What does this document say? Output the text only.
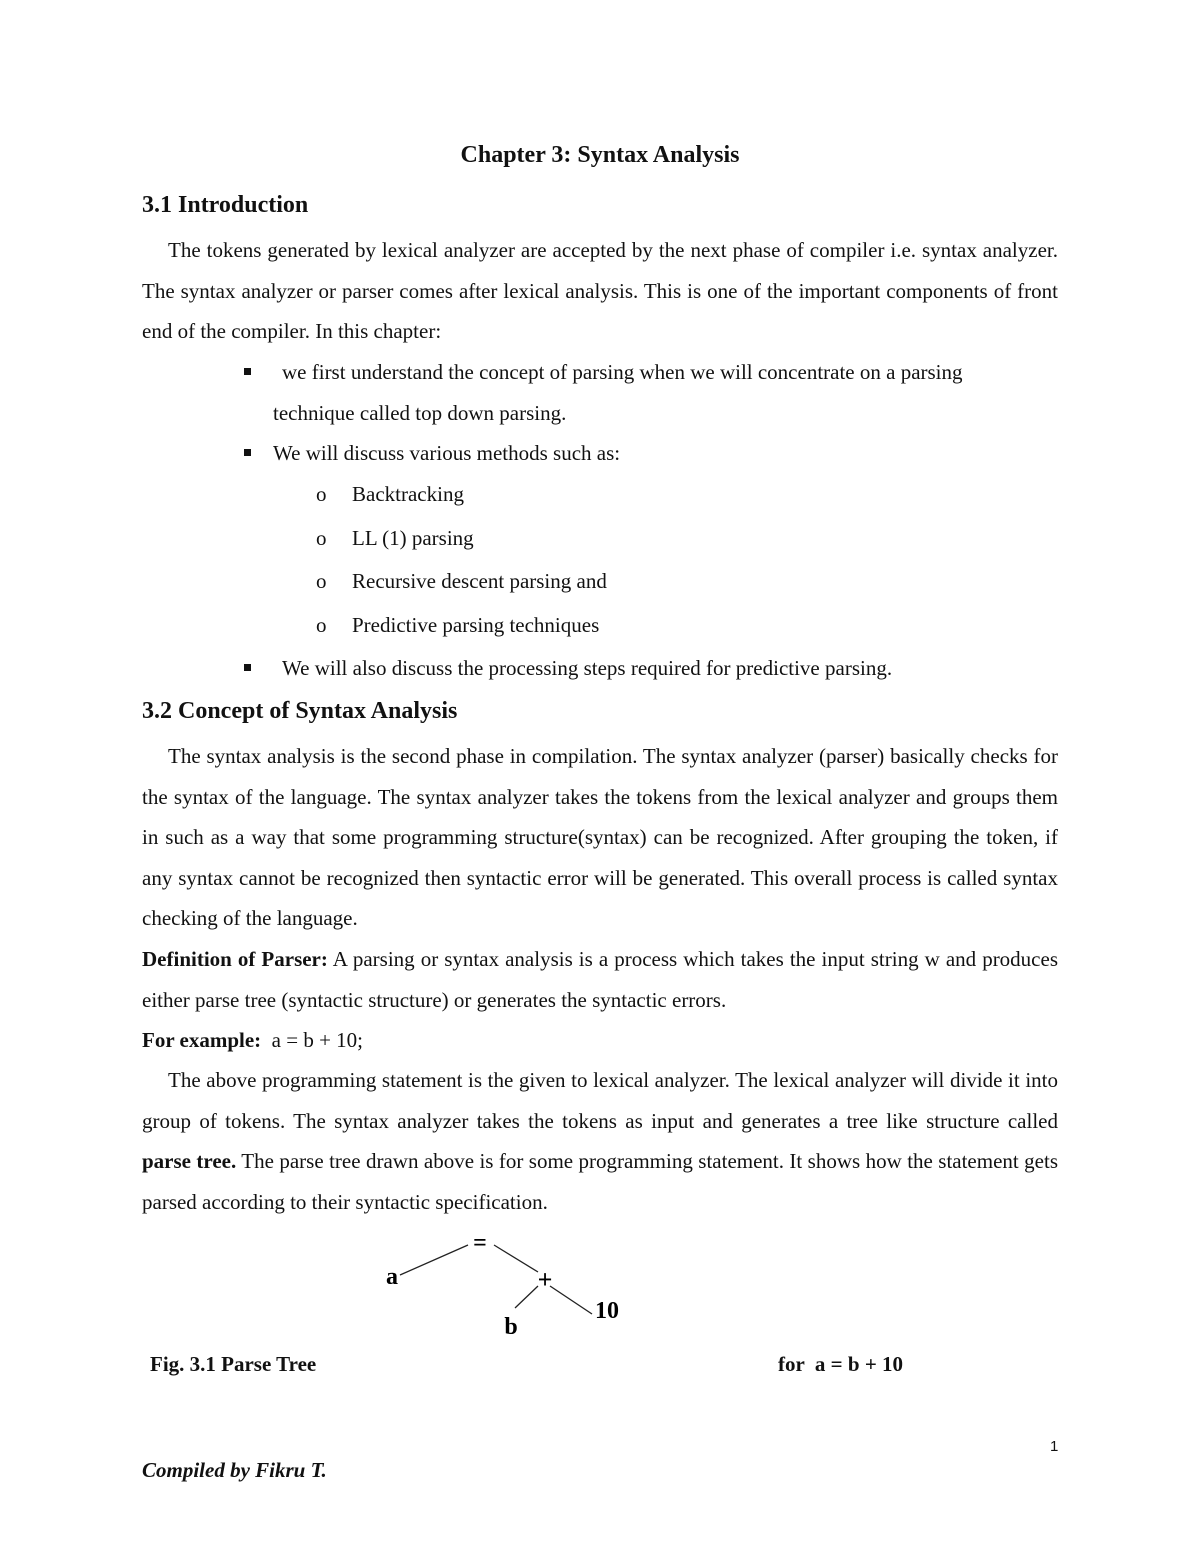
Chapter 3: Syntax Analysis
3.1 Introduction

The tokens generated by lexical analyzer are accepted by the next phase of compiler i.e. syntax analyzer. The syntax analyzer or parser comes after lexical analysis. This is one of the important components of front end of the compiler. In this chapter:

we first understand the concept of parsing when we will concentrate on a parsing
technique called top down parsing.
We will discuss various methods such as:
o Backtracking
o LL (1) parsing
o Recursive descent parsing and
o Predictive parsing techniques
We will also discuss the processing steps required for predictive parsing.
3.2 Concept of Syntax Analysis

The syntax analysis is the second phase in compilation. The syntax analyzer (parser) basically checks for the syntax of the language. The syntax analyzer takes the tokens from the lexical analyzer and groups them in such as a way that some programming structure(syntax) can be recognized. After grouping the token, if any syntax cannot be recognized then syntactic error will be generated. This overall process is called syntax checking of the language.

Definition of Parser: A parsing or syntax analysis is a process which takes the input string w and produces either parse tree (syntactic structure) or generates the syntactic errors.

For example:  a = b + 10;

The above programming statement is the given to lexical analyzer. The lexical analyzer will divide it into group of tokens. The syntax analyzer takes the tokens as input and generates a tree like structure called parse tree. The parse tree drawn above is for some programming statement. It shows how the statement gets parsed according to their syntactic specification.

=
a	+
b
10
Fig. 3.1 Parse Tree	for  a = b + 10
1
Compiled by Fikru T.
